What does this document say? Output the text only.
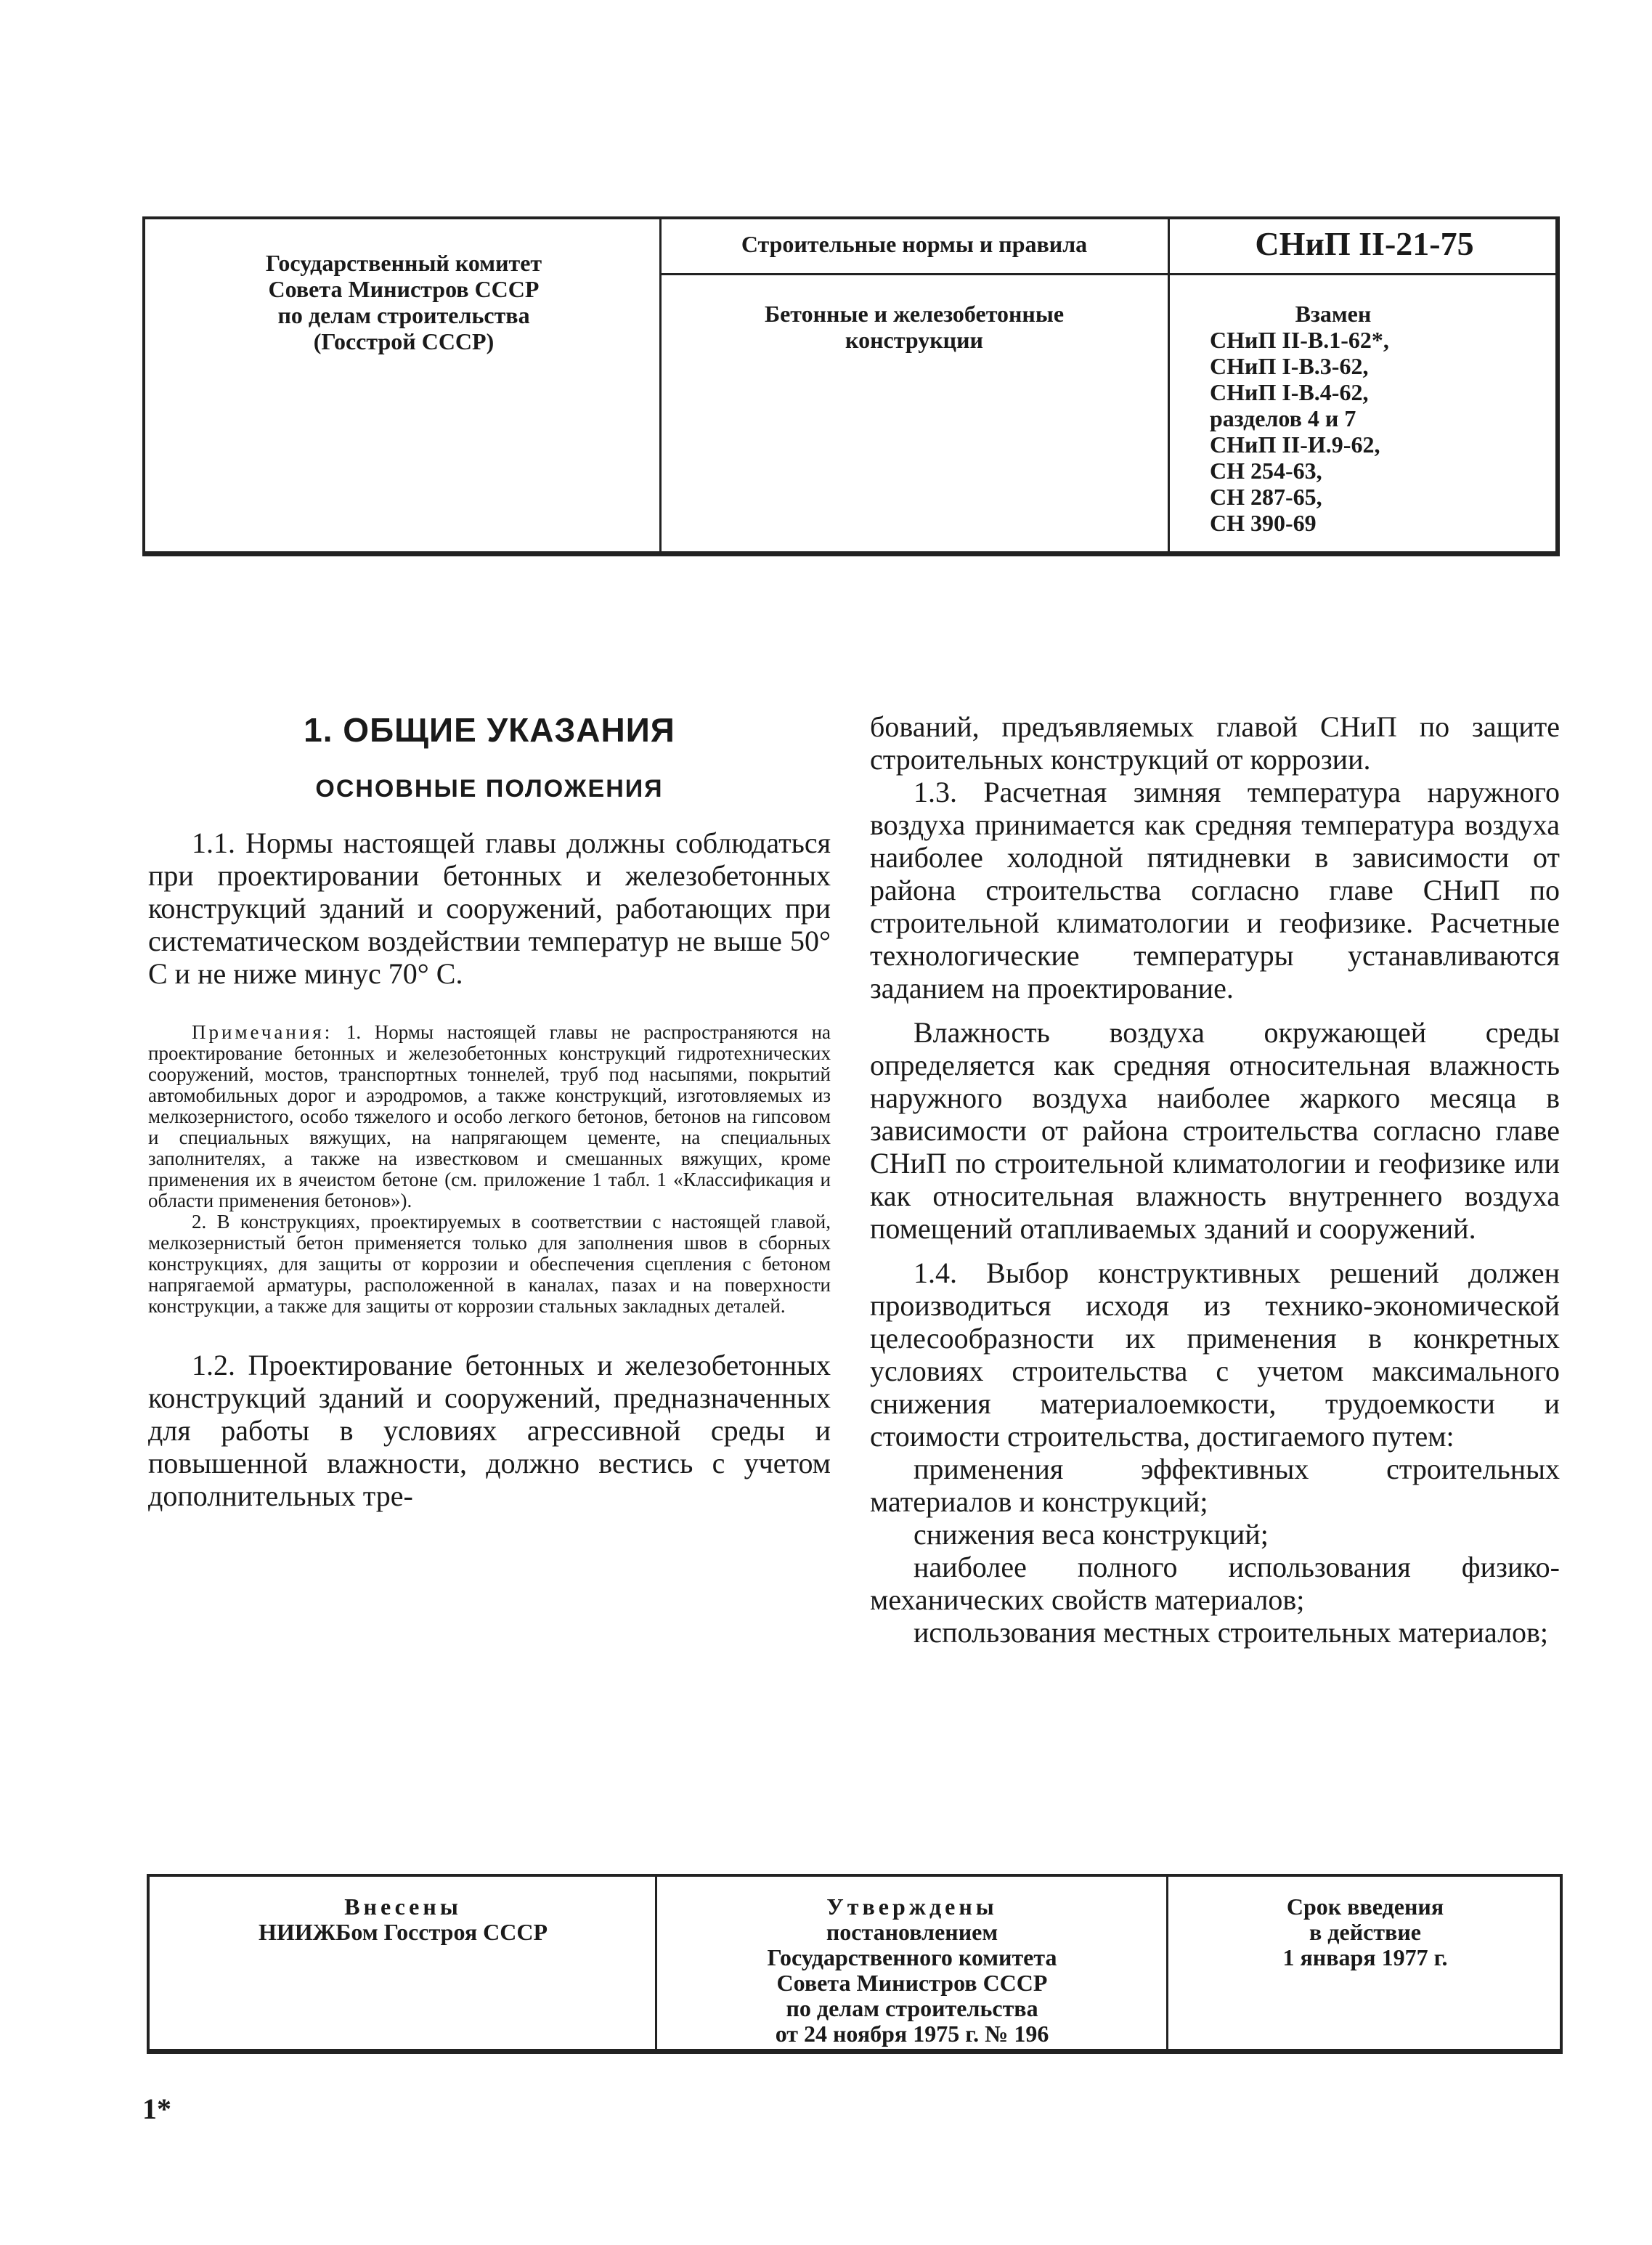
Государственный комитет
Совета Министров СССР
по делам строительства
(Госстрой СССР)
Строительные нормы и правила	СНиП II-21-75
Бетонные и железобетонные
конструкции
Взамен
СНиП II-В.1-62*,
СНиП I-В.3-62,
СНиП I-В.4-62,
разделов 4 и 7
СНиП II-И.9-62,
СН 254-63,
СН 287-65,
СН 390-69
1. ОБЩИЕ УКАЗАНИЯ
ОСНОВНЫЕ ПОЛОЖЕНИЯ

1.1. Нормы настоящей главы должны соблюдаться при проектировании бетонных и железобетонных конструкций зданий и сооружений, работающих при систематическом воздействии температур не выше 50° С и не ниже минус 70° С.

Примечания: 1. Нормы настоящей главы не распространяются на проектирование бетонных и железобетонных конструкций гидротехнических сооружений, мостов, транспортных тоннелей, труб под насыпями, покрытий автомобильных дорог и аэродромов, а также конструкций, изготовляемых из мелкозернистого, особо тяжелого и особо легкого бетонов, бетонов на гипсовом и специальных вяжущих, на напрягающем цементе, на специальных заполнителях, а также на известковом и смешанных вяжущих, кроме применения их в ячеистом бетоне (см. приложение 1 табл. 1 «Классификация и области применения бетонов»).

2. В конструкциях, проектируемых в соответствии с настоящей главой, мелкозернистый бетон применяется только для заполнения швов в сборных конструкциях, для защиты от коррозии и обеспечения сцепления с бетоном напрягаемой арматуры, расположенной в каналах, пазах и на поверхности конструкции, а также для защиты от коррозии стальных закладных деталей.

1.2. Проектирование бетонных и железобетонных конструкций зданий и сооружений, предназначенных для работы в условиях агрессивной среды и повышенной влажности, должно вестись с учетом дополнительных тре-

бований, предъявляемых главой СНиП по защите строительных конструкций от коррозии.

1.3. Расчетная зимняя температура наружного воздуха принимается как средняя температура воздуха наиболее холодной пятидневки в зависимости от района строительства согласно главе СНиП по строительной климатологии и геофизике. Расчетные технологические температуры устанавливаются заданием на проектирование.

Влажность воздуха окружающей среды определяется как средняя относительная влажность наружного воздуха наиболее жаркого месяца в зависимости от района строительства согласно главе СНиП по строительной климатологии и геофизике или как относительная влажность внутреннего воздуха помещений отапливаемых зданий и сооружений.

1.4. Выбор конструктивных решений должен производиться исходя из технико-экономической целесообразности их применения в конкретных условиях строительства с учетом максимального снижения материалоемкости, трудоемкости и стоимости строительства, достигаемого путем:

применения эффективных строительных материалов и конструкций;

снижения веса конструкций;

наиболее полного использования физико-механических свойств материалов;

использования местных строительных материалов;

Внесены
НИИЖБом Госстроя СССР
Утверждены
постановлением
Государственного комитета
Совета Министров СССР
по делам строительства
от 24 ноября 1975 г. № 196
Срок введения
в действие
1 января 1977 г.
1*
